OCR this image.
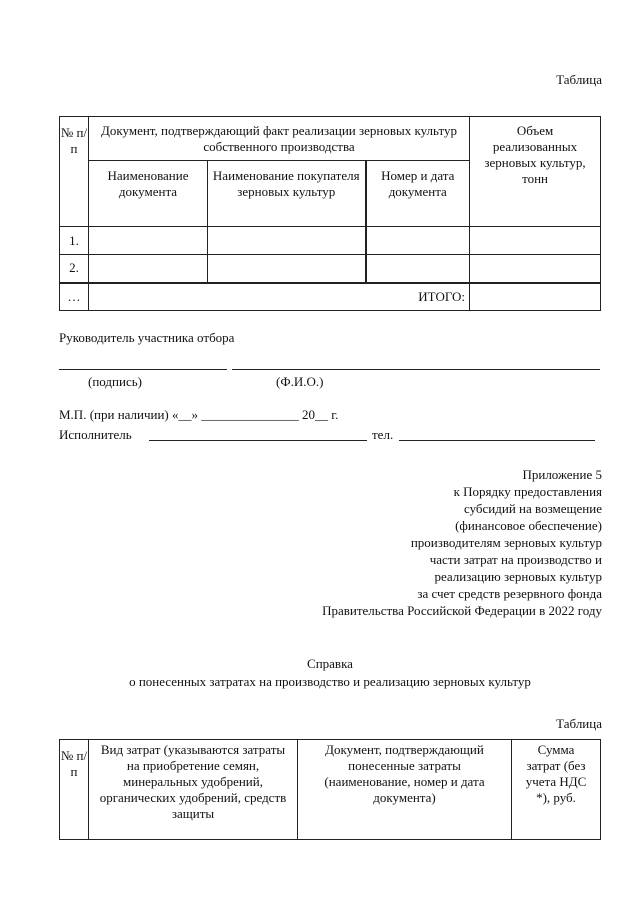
Таблица
№ п/п	Документ, подтверждающий факт реализации зерновых культур собственного производства			Объем реализованных зерновых культур, тонн
	Наименование документа	Наименование покупателя зерновых культур	Номер и дата документа	
1.				
2.				
…	ИТОГО:			
Руководитель участника отбора
(подпись)	(Ф.И.О.)
М.П. (при наличии) «__» _______________ 20__ г.
Исполнитель	тел.
Приложение 5
к Порядку предоставления
субсидий на возмещение
(финансовое обеспечение)
производителям зерновых культур
части затрат на производство и
реализацию зерновых культур
за счет средств резервного фонда
Правительства Российской Федерации в 2022 году
Справка
о понесенных затратах на производство и реализацию зерновых культур
Таблица
№ п/п	Вид затрат (указываются затраты на приобретение семян, минеральных удобрений, органических удобрений, средств защиты	Документ, подтверждающий понесенные затраты (наименование, номер и дата документа)	Сумма затрат (без учета НДС *), руб.
